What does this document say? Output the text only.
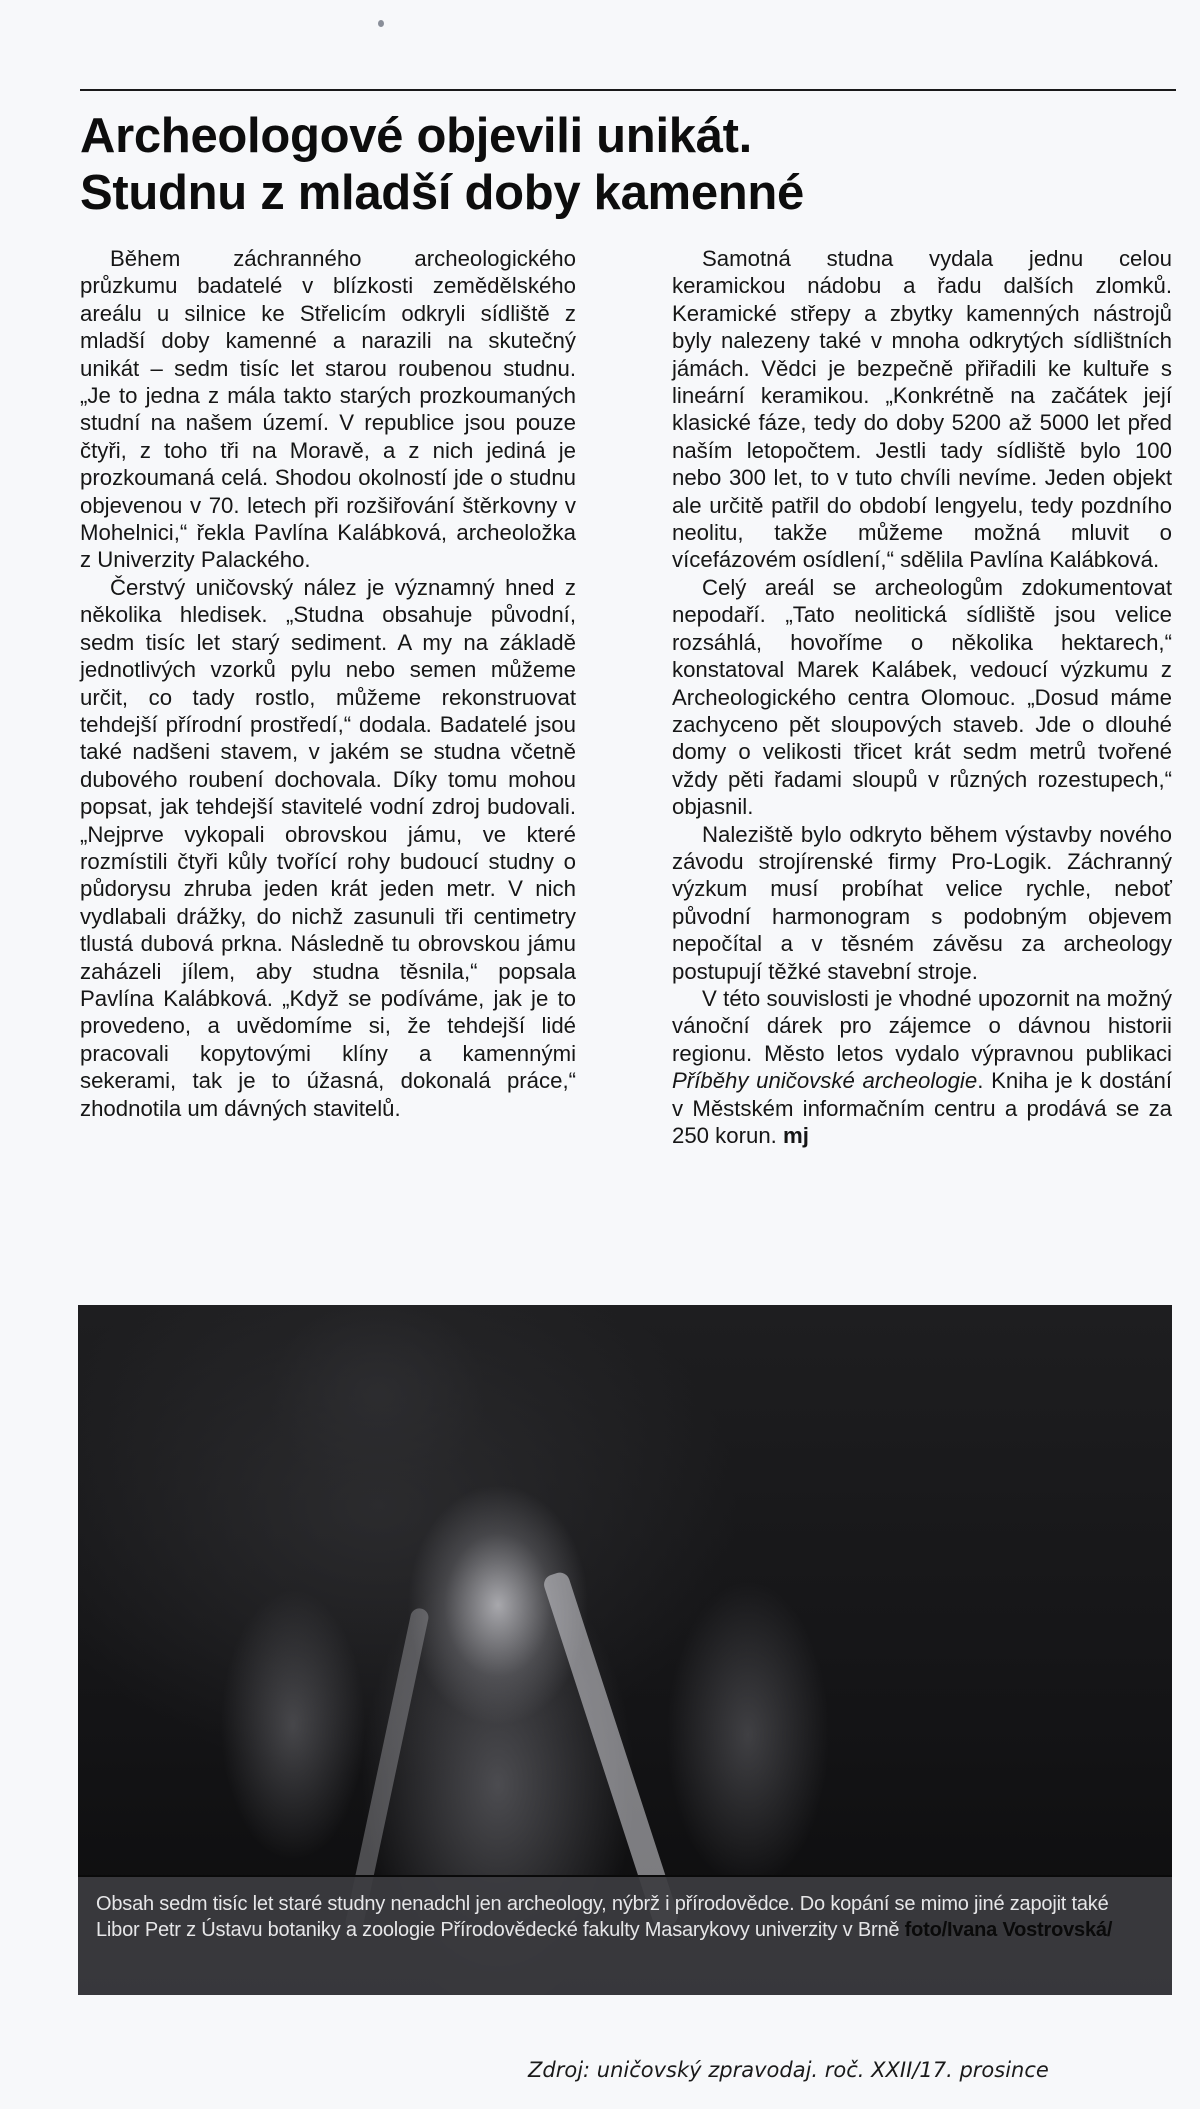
Archeologové objevili unikát.
Studnu z mladší doby kamenné

Během záchranného archeologického průzkumu badatelé v blízkosti zemědělského areálu u silnice ke Střelicím odkryli sídliště z mladší doby kamenné a narazili na skutečný unikát – sedm tisíc let starou roubenou studnu. „Je to jedna z mála takto starých prozkoumaných studní na našem území. V republice jsou pouze čtyři, z toho tři na Moravě, a z nich jediná je prozkoumaná celá. Shodou okolností jde o studnu objevenou v 70. letech při rozšiřování štěrkovny v Mohelnici,“ řekla Pavlína Kalábková, archeoložka z Univerzity Palackého.

Čerstvý uničovský nález je významný hned z několika hledisek. „Studna obsahuje původní, sedm tisíc let starý sediment. A my na základě jednotlivých vzorků pylu nebo semen můžeme určit, co tady rostlo, můžeme rekonstruovat tehdejší přírodní prostředí,“ dodala. Badatelé jsou také nadšeni stavem, v jakém se studna včetně dubového roubení dochovala. Díky tomu mohou popsat, jak tehdejší stavitelé vodní zdroj budovali. „Nejprve vykopali obrovskou jámu, ve které rozmístili čtyři kůly tvořící rohy budoucí studny o půdorysu zhruba jeden krát jeden metr. V nich vydlabali drážky, do nichž zasunuli tři centimetry tlustá dubová prkna. Následně tu obrovskou jámu zaházeli jílem, aby studna těsnila,“ popsala Pavlína Kalábková. „Když se podíváme, jak je to provedeno, a uvědomíme si, že tehdejší lidé pracovali kopytovými klíny a kamennými sekerami, tak je to úžasná, dokonalá práce,“ zhodnotila um dávných stavitelů.

Samotná studna vydala jednu celou keramickou nádobu a řadu dalších zlomků. Keramické střepy a zbytky kamenných nástrojů byly nalezeny také v mnoha odkrytých sídlištních jámách. Vědci je bezpečně přiřadili ke kultuře s lineární keramikou. „Konkrétně na začátek její klasické fáze, tedy do doby 5200 až 5000 let před naším letopočtem. Jestli tady sídliště bylo 100 nebo 300 let, to v tuto chvíli nevíme. Jeden objekt ale určitě patřil do období lengyelu, tedy pozdního neolitu, takže můžeme možná mluvit o vícefázovém osídlení,“ sdělila Pavlína Kalábková.

Celý areál se archeologům zdokumentovat nepodaří. „Tato neolitická sídliště jsou velice rozsáhlá, hovoříme o několika hektarech,“ konstatoval Marek Kalábek, vedoucí výzkumu z Archeologického centra Olomouc. „Dosud máme zachyceno pět sloupových staveb. Jde o dlouhé domy o velikosti třicet krát sedm metrů tvořené vždy pěti řadami sloupů v různých rozestupech,“ objasnil.

Naleziště bylo odkryto během výstavby nového závodu strojírenské firmy Pro-Logik. Záchranný výzkum musí probíhat velice rychle, neboť původní harmonogram s podobným objevem nepočítal a v těsném závěsu za archeology postupují těžké stavební stroje.

V této souvislosti je vhodné upozornit na možný vánoční dárek pro zájemce o dávnou historii regionu. Město letos vydalo výpravnou publikaci Příběhy uničovské archeologie. Kniha je k dostání v Městském informačním centru a prodává se za 250 korun. mj

Obsah sedm tisíc let staré studny nenadchl jen archeology, nýbrž i přírodovědce. Do kopání se mimo jiné zapojit také Libor Petr z Ústavu botaniky a zoologie Přírodovědecké fakulty Masarykovy univerzity v Brně foto/Ivana Vostrovská/
Zdroj: uničovský zpravodaj. roč. XXII/17. prosince
